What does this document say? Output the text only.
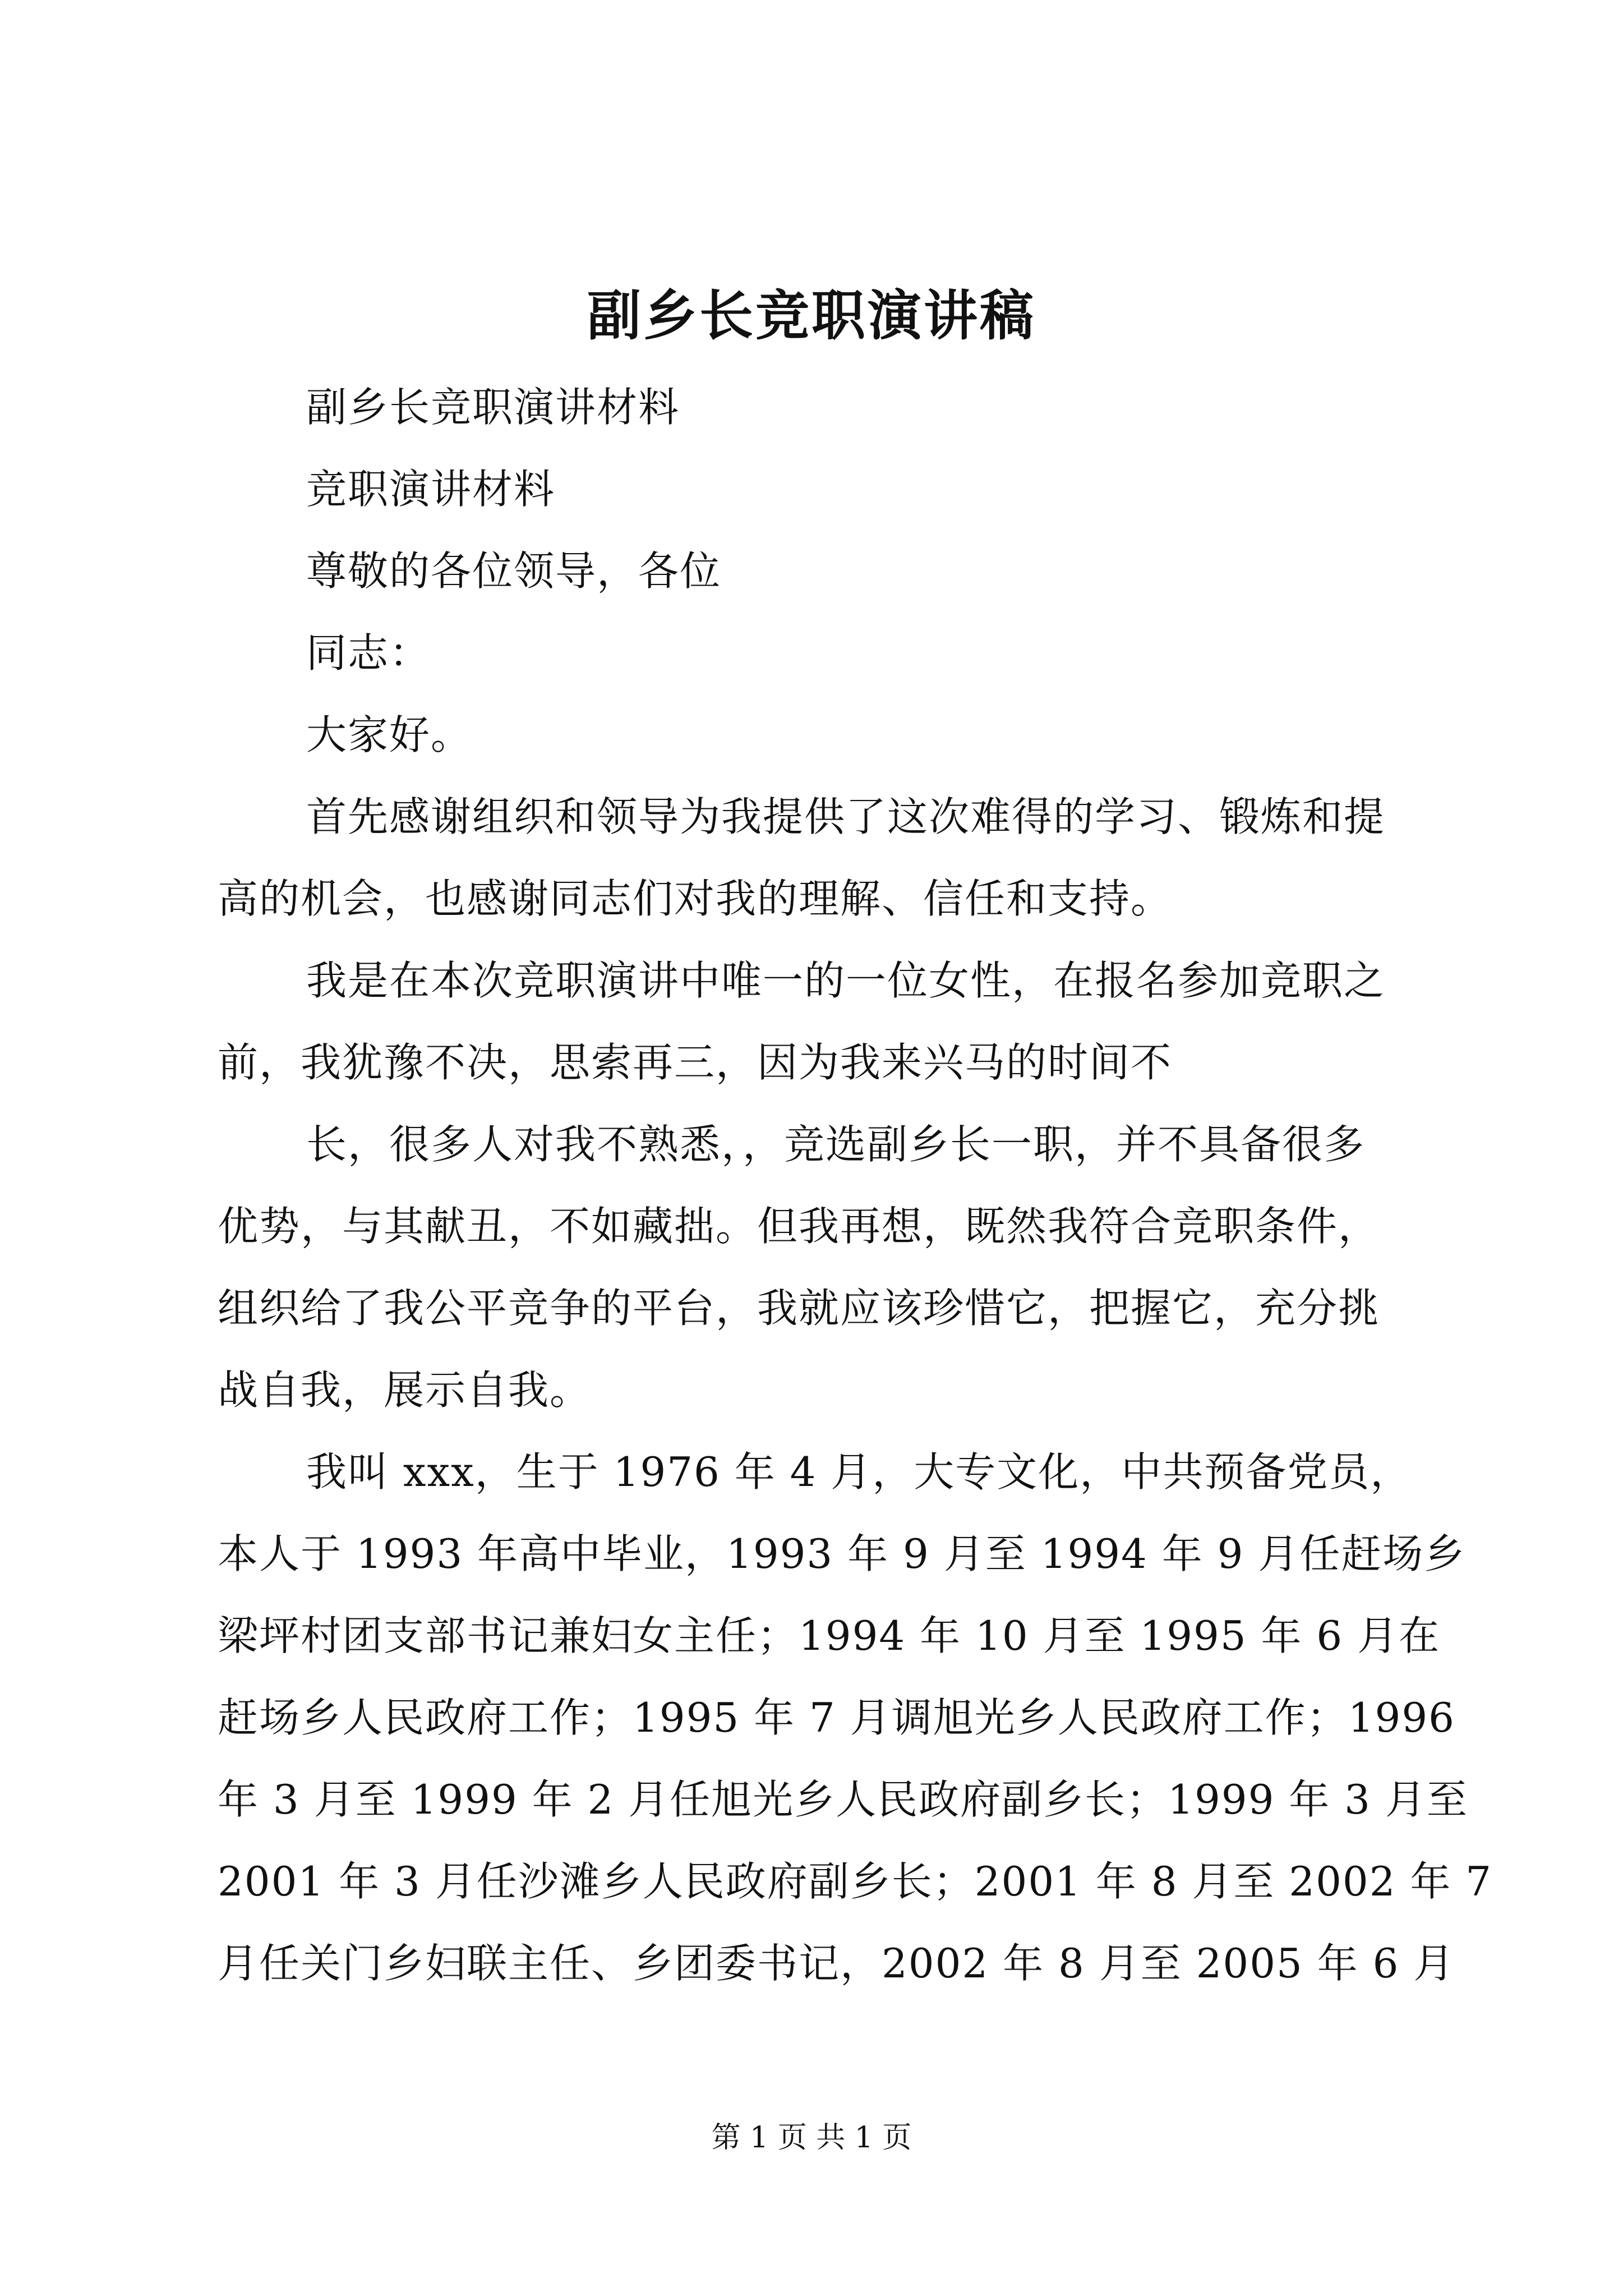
副乡长竞职演讲稿
副乡长竞职演讲材料
竞职演讲材料
尊敬的各位领导，各位
同志：
大家好。
首先感谢组织和领导为我提供了这次难得的学习、锻炼和提
高的机会，也感谢同志们对我的理解、信任和支持。
我是在本次竞职演讲中唯一的一位女性，在报名参加竞职之
前，我犹豫不决，思索再三，因为我来兴马的时间不
长，很多人对我不熟悉，，竞选副乡长一职，并不具备很多
优势，与其献丑，不如藏拙。但我再想，既然我符合竞职条件，
组织给了我公平竞争的平台，我就应该珍惜它，把握它，充分挑
战自我，展示自我。
我叫 xxx，生于 1976 年 4 月，大专文化，中共预备党员，
本人于 1993 年高中毕业，1993 年 9 月至 1994 年 9 月任赶场乡
梁坪村团支部书记兼妇女主任；1994 年 10 月至 1995 年 6 月在
赶场乡人民政府工作；1995 年 7 月调旭光乡人民政府工作；1996
年 3 月至 1999 年 2 月任旭光乡人民政府副乡长；1999 年 3 月至
2001 年 3 月任沙滩乡人民政府副乡长；2001 年 8 月至 2002 年 7
月任关门乡妇联主任、乡团委书记，2002 年 8 月至 2005 年 6 月
第 1 页 共 1 页
